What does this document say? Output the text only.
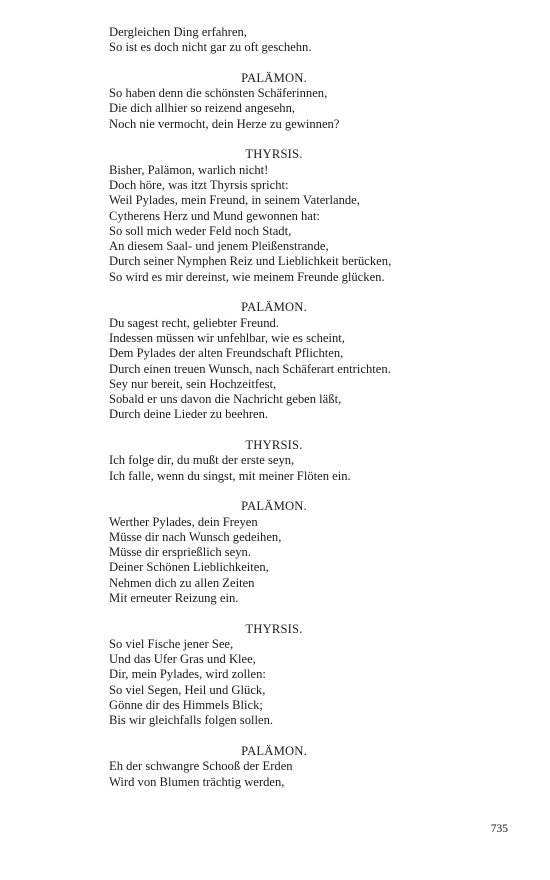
Dergleichen Ding erfahren,
So ist es doch nicht gar zu oft geschehn.
PALÄMON.
So haben denn die schönsten Schäferinnen,
Die dich allhier so reizend angesehn,
Noch nie vermocht, dein Herze zu gewinnen?
THYRSIS.
Bisher, Palämon, warlich nicht!
Doch höre, was itzt Thyrsis spricht:
Weil Pylades, mein Freund, in seinem Vaterlande,
Cytherens Herz und Mund gewonnen hat:
So soll mich weder Feld noch Stadt,
An diesem Saal- und jenem Pleißenstrande,
Durch seiner Nymphen Reiz und Lieblichkeit berücken,
So wird es mir dereinst, wie meinem Freunde glücken.
PALÄMON.
Du sagest recht, geliebter Freund.
Indessen müssen wir unfehlbar, wie es scheint,
Dem Pylades der alten Freundschaft Pflichten,
Durch einen treuen Wunsch, nach Schäferart entrichten.
Sey nur bereit, sein Hochzeitfest,
Sobald er uns davon die Nachricht geben läßt,
Durch deine Lieder zu beehren.
THYRSIS.
Ich folge dir, du mußt der erste seyn,
Ich falle, wenn du singst, mit meiner Flöten ein.
PALÄMON.
Werther Pylades, dein Freyen
Müsse dir nach Wunsch gedeihen,
Müsse dir ersprießlich seyn.
Deiner Schönen Lieblichkeiten,
Nehmen dich zu allen Zeiten
Mit erneuter Reizung ein.
THYRSIS.
So viel Fische jener See,
Und das Ufer Gras und Klee,
Dir, mein Pylades, wird zollen:
So viel Segen, Heil und Glück,
Gönne dir des Himmels Blick;
Bis wir gleichfalls folgen sollen.
PALÄMON.
Eh der schwangre Schooß der Erden
Wird von Blumen trächtig werden,
735
